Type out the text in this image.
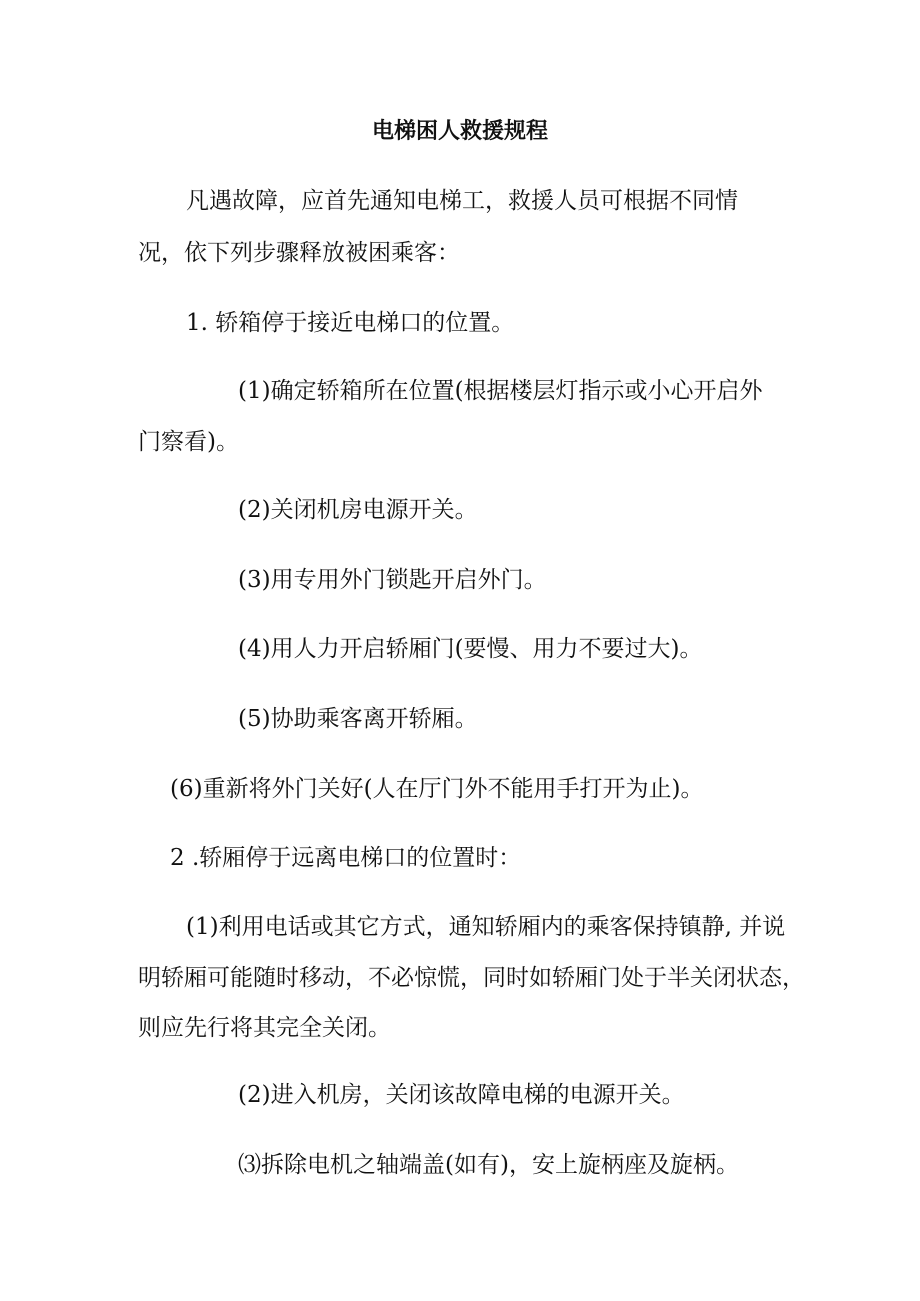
电梯困人救援规程
凡遇故障，应首先通知电梯工，救援人员可根据不同情
况，依下列步骤释放被困乘客：
1. 轿箱停于接近电梯口的位置。
(1)确定轿箱所在位置(根据楼层灯指示或小心开启外
门察看)。
(2)关闭机房电源开关。
(3)用专用外门锁匙开启外门。
(4)用人力开启轿厢门(要慢、用力不要过大)。
(5)协助乘客离开轿厢。
(6)重新将外门关好(人在厅门外不能用手打开为止)。
2 .轿厢停于远离电梯口的位置时：
(1)利用电话或其它方式，通知轿厢内的乘客保持镇静, 并说
明轿厢可能随时移动，不必惊慌，同时如轿厢门处于半关闭状态，
则应先行将其完全关闭。
(2)进入机房，关闭该故障电梯的电源开关。
⑶拆除电机之轴端盖(如有)，安上旋柄座及旋柄。
